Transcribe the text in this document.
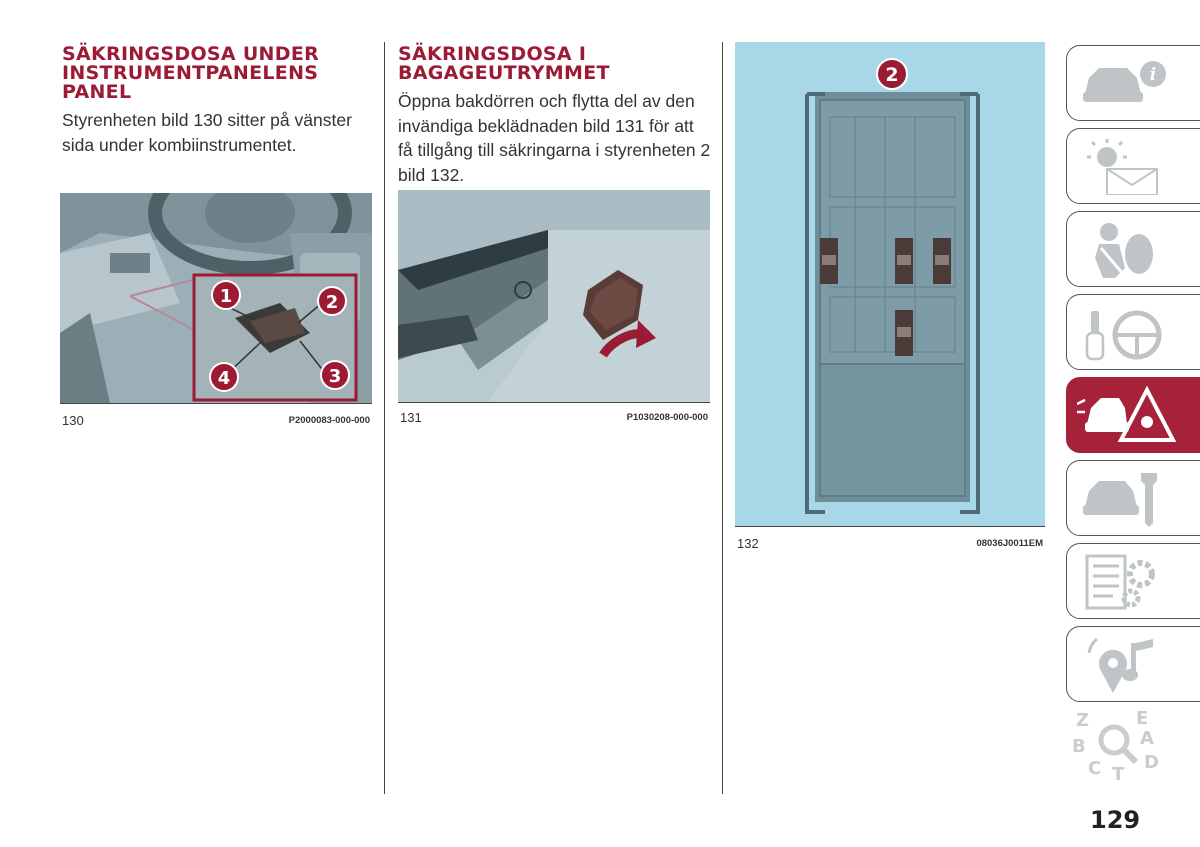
SÄKRINGSDOSA UNDER
INSTRUMENTPANELENS
PANEL

Styrenheten bild 130 sitter på vänster
sida under kombiinstrumentet.

1	2
3
4
130	P2000083-000-000
SÄKRINGSDOSA I
BAGAGEUTRYMMET

Öppna bakdörren och flytta del av den
invändiga beklädnaden bild 131 för att
få tillgång till säkringarna i styrenheten 2
bild 132.

131	P1030208-000-000
2
132	08036J0011EM
i
Z	E
B	A
C T
D
129
